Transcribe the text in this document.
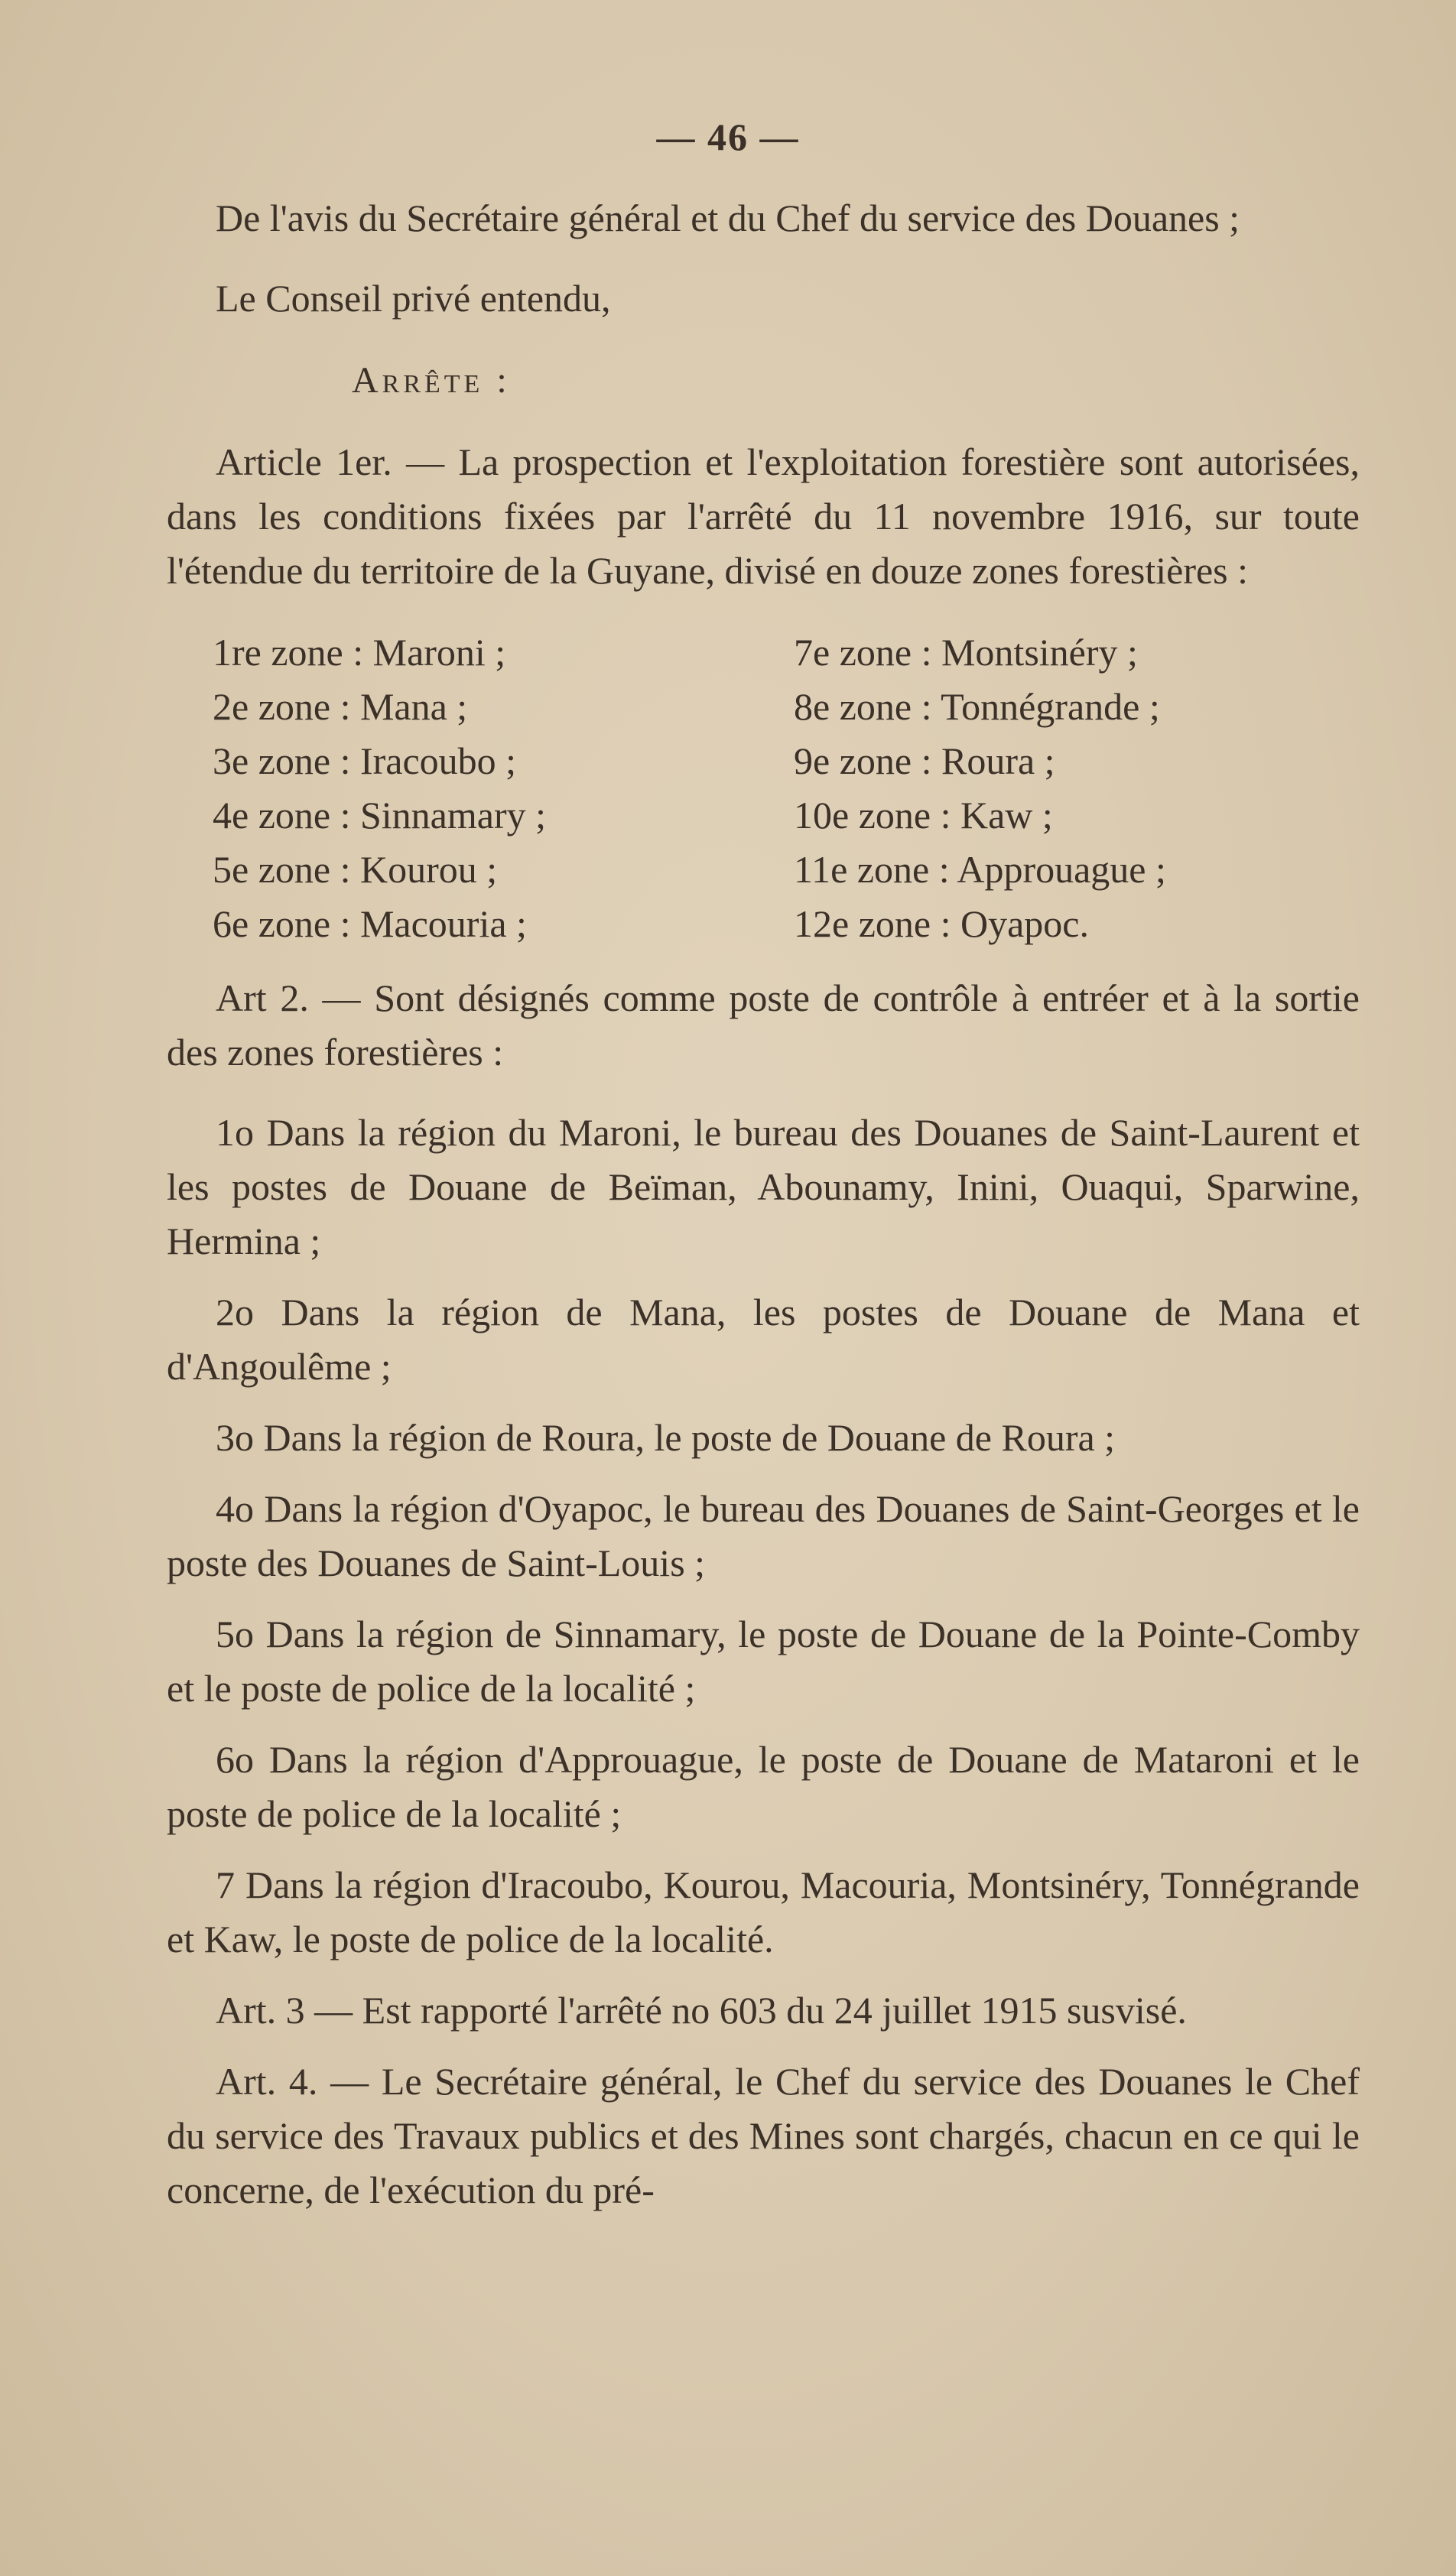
— 46 —

De l'avis du Secrétaire général et du Chef du service des Douanes ;

Le Conseil privé entendu,

Arrête :

Article 1er. — La prospection et l'exploitation forestière sont autorisées, dans les conditions fixées par l'arrêté du 11 novembre 1916, sur toute l'étendue du territoire de la Guyane, divisé en douze zones forestières :

1re zone : Maroni ;
2e zone : Mana ;
3e zone : Iracoubo ;
4e zone : Sinnamary ;
5e zone : Kourou ;
6e zone : Macouria ;
7e zone : Montsinéry ;
8e zone : Tonnégrande ;
9e zone : Roura ;
10e zone : Kaw ;
11e zone : Approuague ;
12e zone : Oyapoc.

Art 2. — Sont désignés comme poste de contrôle à entréer et à la sortie des zones forestières :

1o Dans la région du Maroni, le bureau des Douanes de Saint-Laurent et les postes de Douane de Beïman, Abounamy, Inini, Ouaqui, Sparwine, Hermina ;

2o Dans la région de Mana, les postes de Douane de Mana et d'Angoulême ;

3o Dans la région de Roura, le poste de Douane de Roura ;

4o Dans la région d'Oyapoc, le bureau des Douanes de Saint-Georges et le poste des Douanes de Saint-Louis ;

5o Dans la région de Sinnamary, le poste de Douane de la Pointe-Comby et le poste de police de la localité ;

6o Dans la région d'Approuague, le poste de Douane de Mataroni et le poste de police de la localité ;

7 Dans la région d'Iracoubo, Kourou, Macouria, Montsinéry, Tonnégrande et Kaw, le poste de police de la localité.

Art. 3 — Est rapporté l'arrêté no 603 du 24 juillet 1915 susvisé.

Art. 4. — Le Secrétaire général, le Chef du service des Douanes le Chef du service des Travaux publics et des Mines sont chargés, chacun en ce qui le concerne, de l'exécution du pré-
